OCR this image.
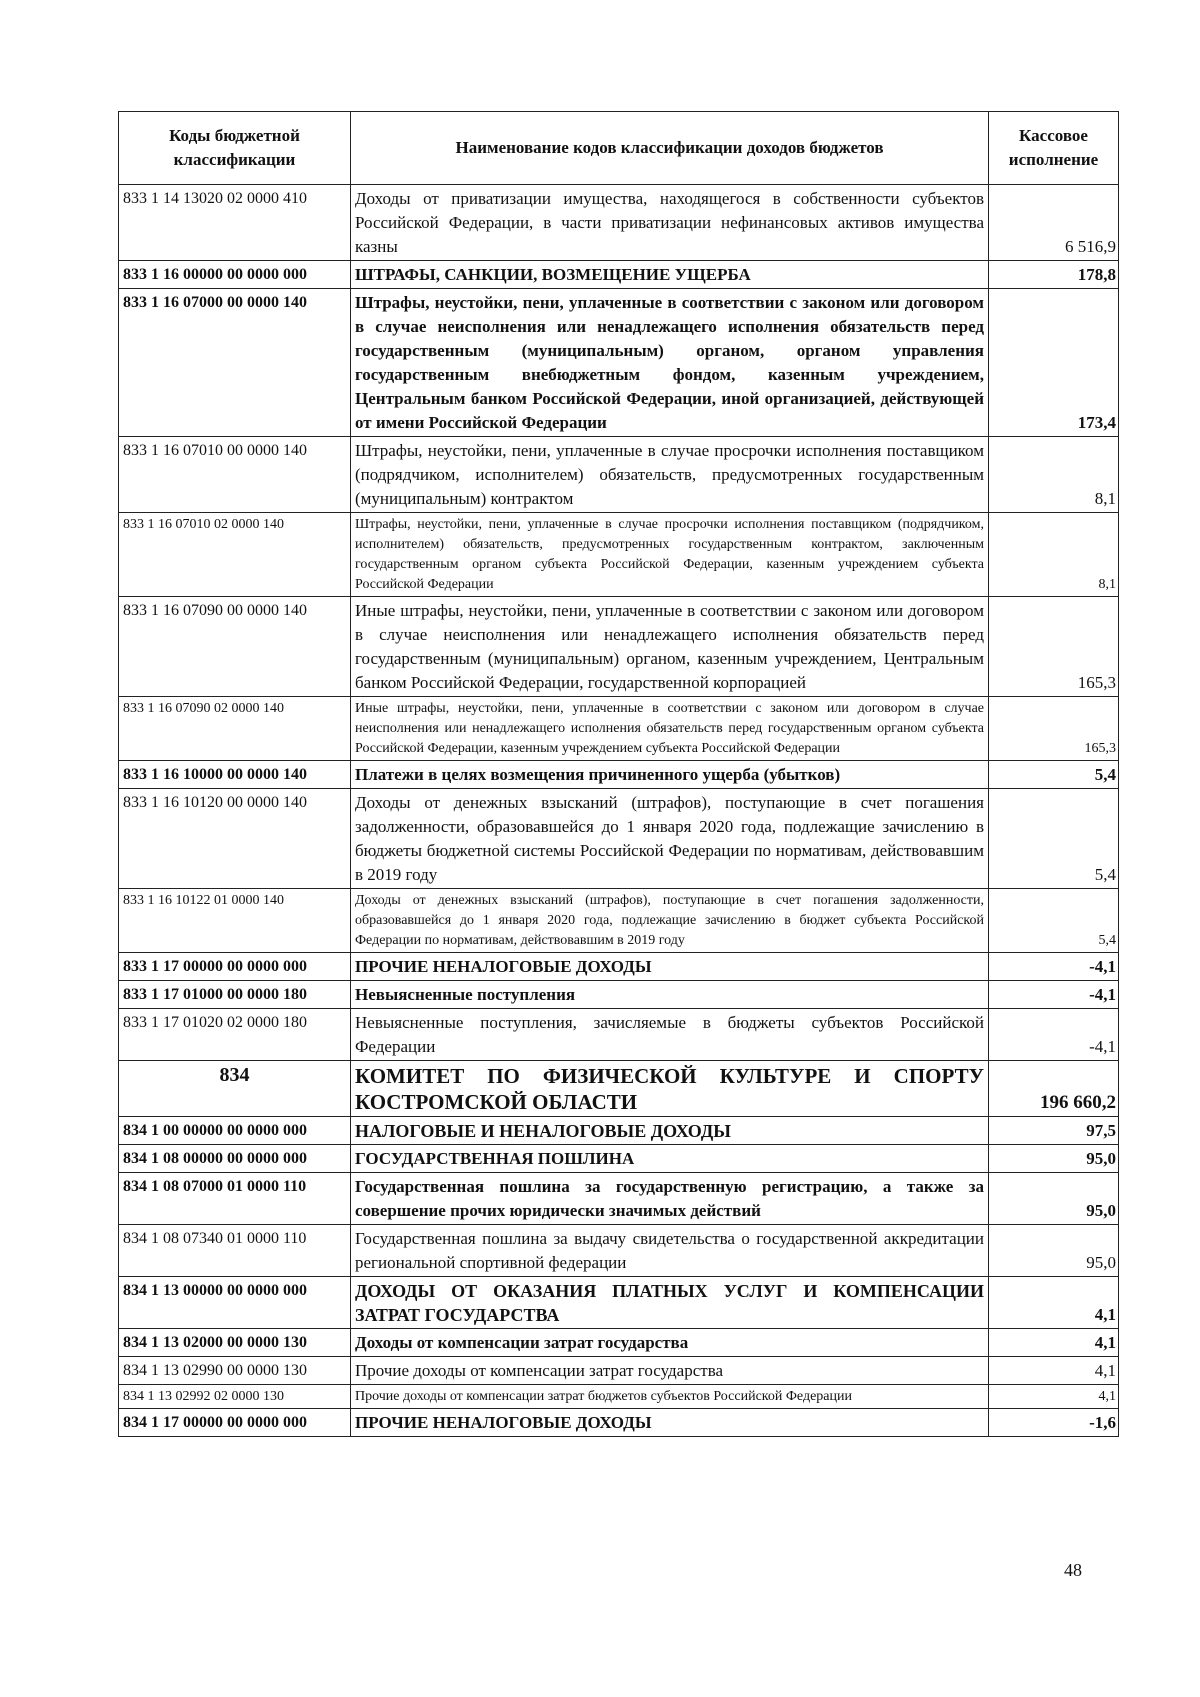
Коды бюджетной классификации	Наименование кодов классификации доходов бюджетов	Кассовое исполнение
833 1 14 13020 02 0000 410	Доходы от приватизации имущества, находящегося в собственности субъектов Российской Федерации, в части приватизации нефинансовых активов имущества казны	6 516,9
833 1 16 00000 00 0000 000	ШТРАФЫ, САНКЦИИ, ВОЗМЕЩЕНИЕ УЩЕРБА	178,8
833 1 16 07000 00 0000 140	Штрафы, неустойки, пени, уплаченные в соответствии с законом или договором в случае неисполнения или ненадлежащего исполнения обязательств перед государственным (муниципальным) органом, органом управления государственным внебюджетным фондом, казенным учреждением, Центральным банком Российской Федерации, иной организацией, действующей от имени Российской Федерации	173,4
833 1 16 07010 00 0000 140	Штрафы, неустойки, пени, уплаченные в случае просрочки исполнения поставщиком (подрядчиком, исполнителем) обязательств, предусмотренных государственным (муниципальным) контрактом	8,1
833 1 16 07010 02 0000 140	Штрафы, неустойки, пени, уплаченные в случае просрочки исполнения поставщиком (подрядчиком, исполнителем) обязательств, предусмотренных государственным контрактом, заключенным государственным органом субъекта Российской Федерации, казенным учреждением субъекта Российской Федерации	8,1
833 1 16 07090 00 0000 140	Иные штрафы, неустойки, пени, уплаченные в соответствии с законом или договором в случае неисполнения или ненадлежащего исполнения обязательств перед государственным (муниципальным) органом, казенным учреждением, Центральным банком Российской Федерации, государственной корпорацией	165,3
833 1 16 07090 02 0000 140	Иные штрафы, неустойки, пени, уплаченные в соответствии с законом или договором в случае неисполнения или ненадлежащего исполнения обязательств перед государственным органом субъекта Российской Федерации, казенным учреждением субъекта Российской Федерации	165,3
833 1 16 10000 00 0000 140	Платежи в целях возмещения причиненного ущерба (убытков)	5,4
833 1 16 10120 00 0000 140	Доходы от денежных взысканий (штрафов), поступающие в счет погашения задолженности, образовавшейся до 1 января 2020 года, подлежащие зачислению в бюджеты бюджетной системы Российской Федерации по нормативам, действовавшим в 2019 году	5,4
833 1 16 10122 01 0000 140	Доходы от денежных взысканий (штрафов), поступающие в счет погашения задолженности, образовавшейся до 1 января 2020 года, подлежащие зачислению в бюджет субъекта Российской Федерации по нормативам, действовавшим в 2019 году	5,4
833 1 17 00000 00 0000 000	ПРОЧИЕ НЕНАЛОГОВЫЕ ДОХОДЫ	-4,1
833 1 17 01000 00 0000 180	Невыясненные поступления	-4,1
833 1 17 01020 02 0000 180	Невыясненные поступления, зачисляемые в бюджеты субъектов Российской Федерации	-4,1
834	КОМИТЕТ ПО ФИЗИЧЕСКОЙ КУЛЬТУРЕ И СПОРТУ КОСТРОМСКОЙ ОБЛАСТИ	196 660,2
834 1 00 00000 00 0000 000	НАЛОГОВЫЕ И НЕНАЛОГОВЫЕ ДОХОДЫ	97,5
834 1 08 00000 00 0000 000	ГОСУДАРСТВЕННАЯ ПОШЛИНА	95,0
834 1 08 07000 01 0000 110	Государственная пошлина за государственную регистрацию, а также за совершение прочих юридически значимых действий	95,0
834 1 08 07340 01 0000 110	Государственная пошлина за выдачу свидетельства о государственной аккредитации региональной спортивной федерации	95,0
834 1 13 00000 00 0000 000	ДОХОДЫ ОТ ОКАЗАНИЯ ПЛАТНЫХ УСЛУГ И КОМПЕНСАЦИИ ЗАТРАТ ГОСУДАРСТВА	4,1
834 1 13 02000 00 0000 130	Доходы от компенсации затрат государства	4,1
834 1 13 02990 00 0000 130	Прочие доходы от компенсации затрат государства	4,1
834 1 13 02992 02 0000 130	Прочие доходы от компенсации затрат бюджетов субъектов Российской Федерации	4,1
834 1 17 00000 00 0000 000	ПРОЧИЕ НЕНАЛОГОВЫЕ ДОХОДЫ	-1,6
48
